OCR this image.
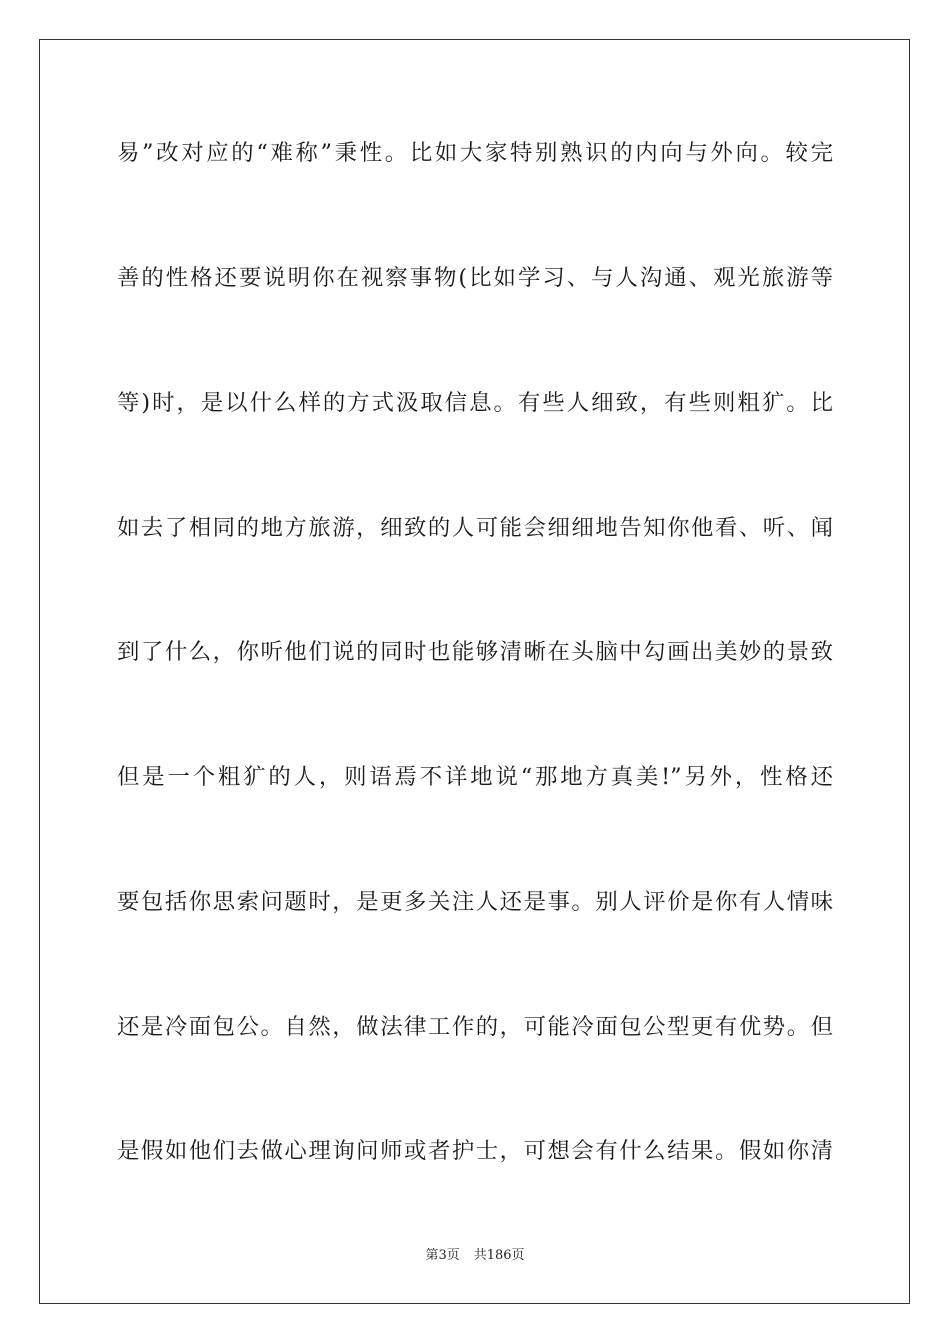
易”改对应的“难称”秉性。比如大家特别熟识的内向与外向。较完

善的性格还要说明你在视察事物(比如学习、与人沟通、观光旅游等

等)时，是以什么样的方式汲取信息。有些人细致，有些则粗犷。比

如去了相同的地方旅游，细致的人可能会细细地告知你他看、听、闻

到了什么，你听他们说的同时也能够清晰在头脑中勾画出美妙的景致

但是一个粗犷的人，则语焉不详地说“那地方真美!”另外，性格还

要包括你思索问题时，是更多关注人还是事。别人评价是你有人情味

还是冷面包公。自然，做法律工作的，可能冷面包公型更有优势。但

是假如他们去做心理询问师或者护士，可想会有什么结果。假如你清

第3页 共186页
